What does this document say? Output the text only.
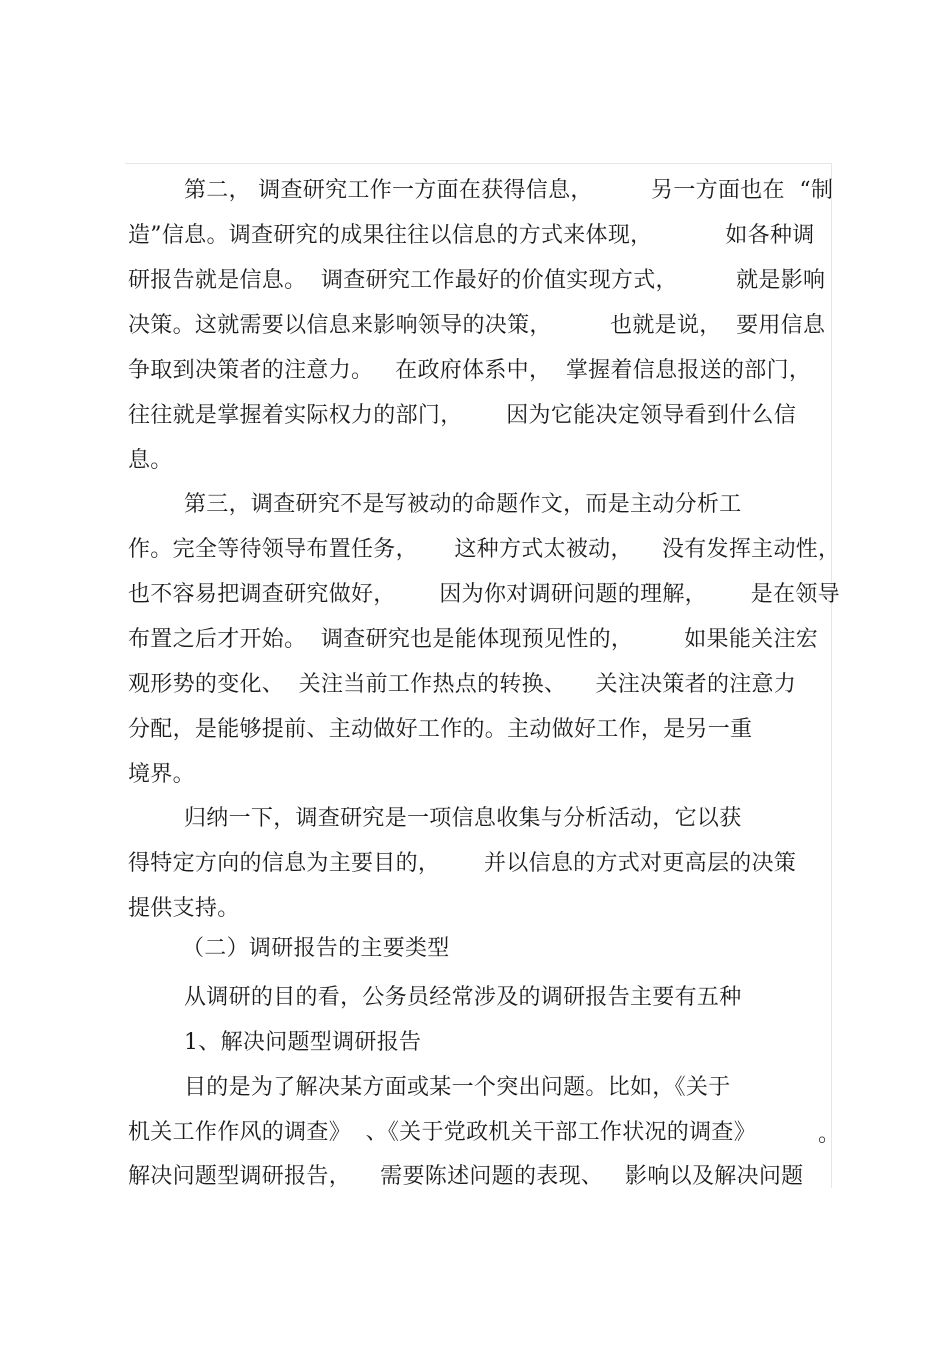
第二， 调查研究工作一方面在获得信息，        另一方面也在  “制
造”信息。调查研究的成果往往以信息的方式来体现，          如各种调
研报告就是信息。  调查研究工作最好的价值实现方式，        就是影响
决策。这就需要以信息来影响领导的决策，        也就是说，  要用信息
争取到决策者的注意力。   在政府体系中，  掌握着信息报送的部门，
往往就是掌握着实际权力的部门，      因为它能决定领导看到什么信
息。
第三，调查研究不是写被动的命题作文，而是主动分析工
作。完全等待领导布置任务，     这种方式太被动，    没有发挥主动性，
也不容易把调查研究做好，      因为你对调研问题的理解，      是在领导
布置之后才开始。  调查研究也是能体现预见性的，       如果能关注宏
观形势的变化、  关注当前工作热点的转换、    关注决策者的注意力
分配，是能够提前、主动做好工作的。主动做好工作，是另一重
境界。
归纳一下，调查研究是一项信息收集与分析活动，它以获
得特定方向的信息为主要目的，      并以信息的方式对更高层的决策
提供支持。
（二）调研报告的主要类型
从调研的目的看，公务员经常涉及的调研报告主要有五种
1、解决问题型调研报告
目的是为了解决某方面或某一个突出问题。比如，《关于
机关工作作风的调查》  、《关于党政机关干部工作状况的调查》	。
解决问题型调研报告，    需要陈述问题的表现、   影响以及解决问题
